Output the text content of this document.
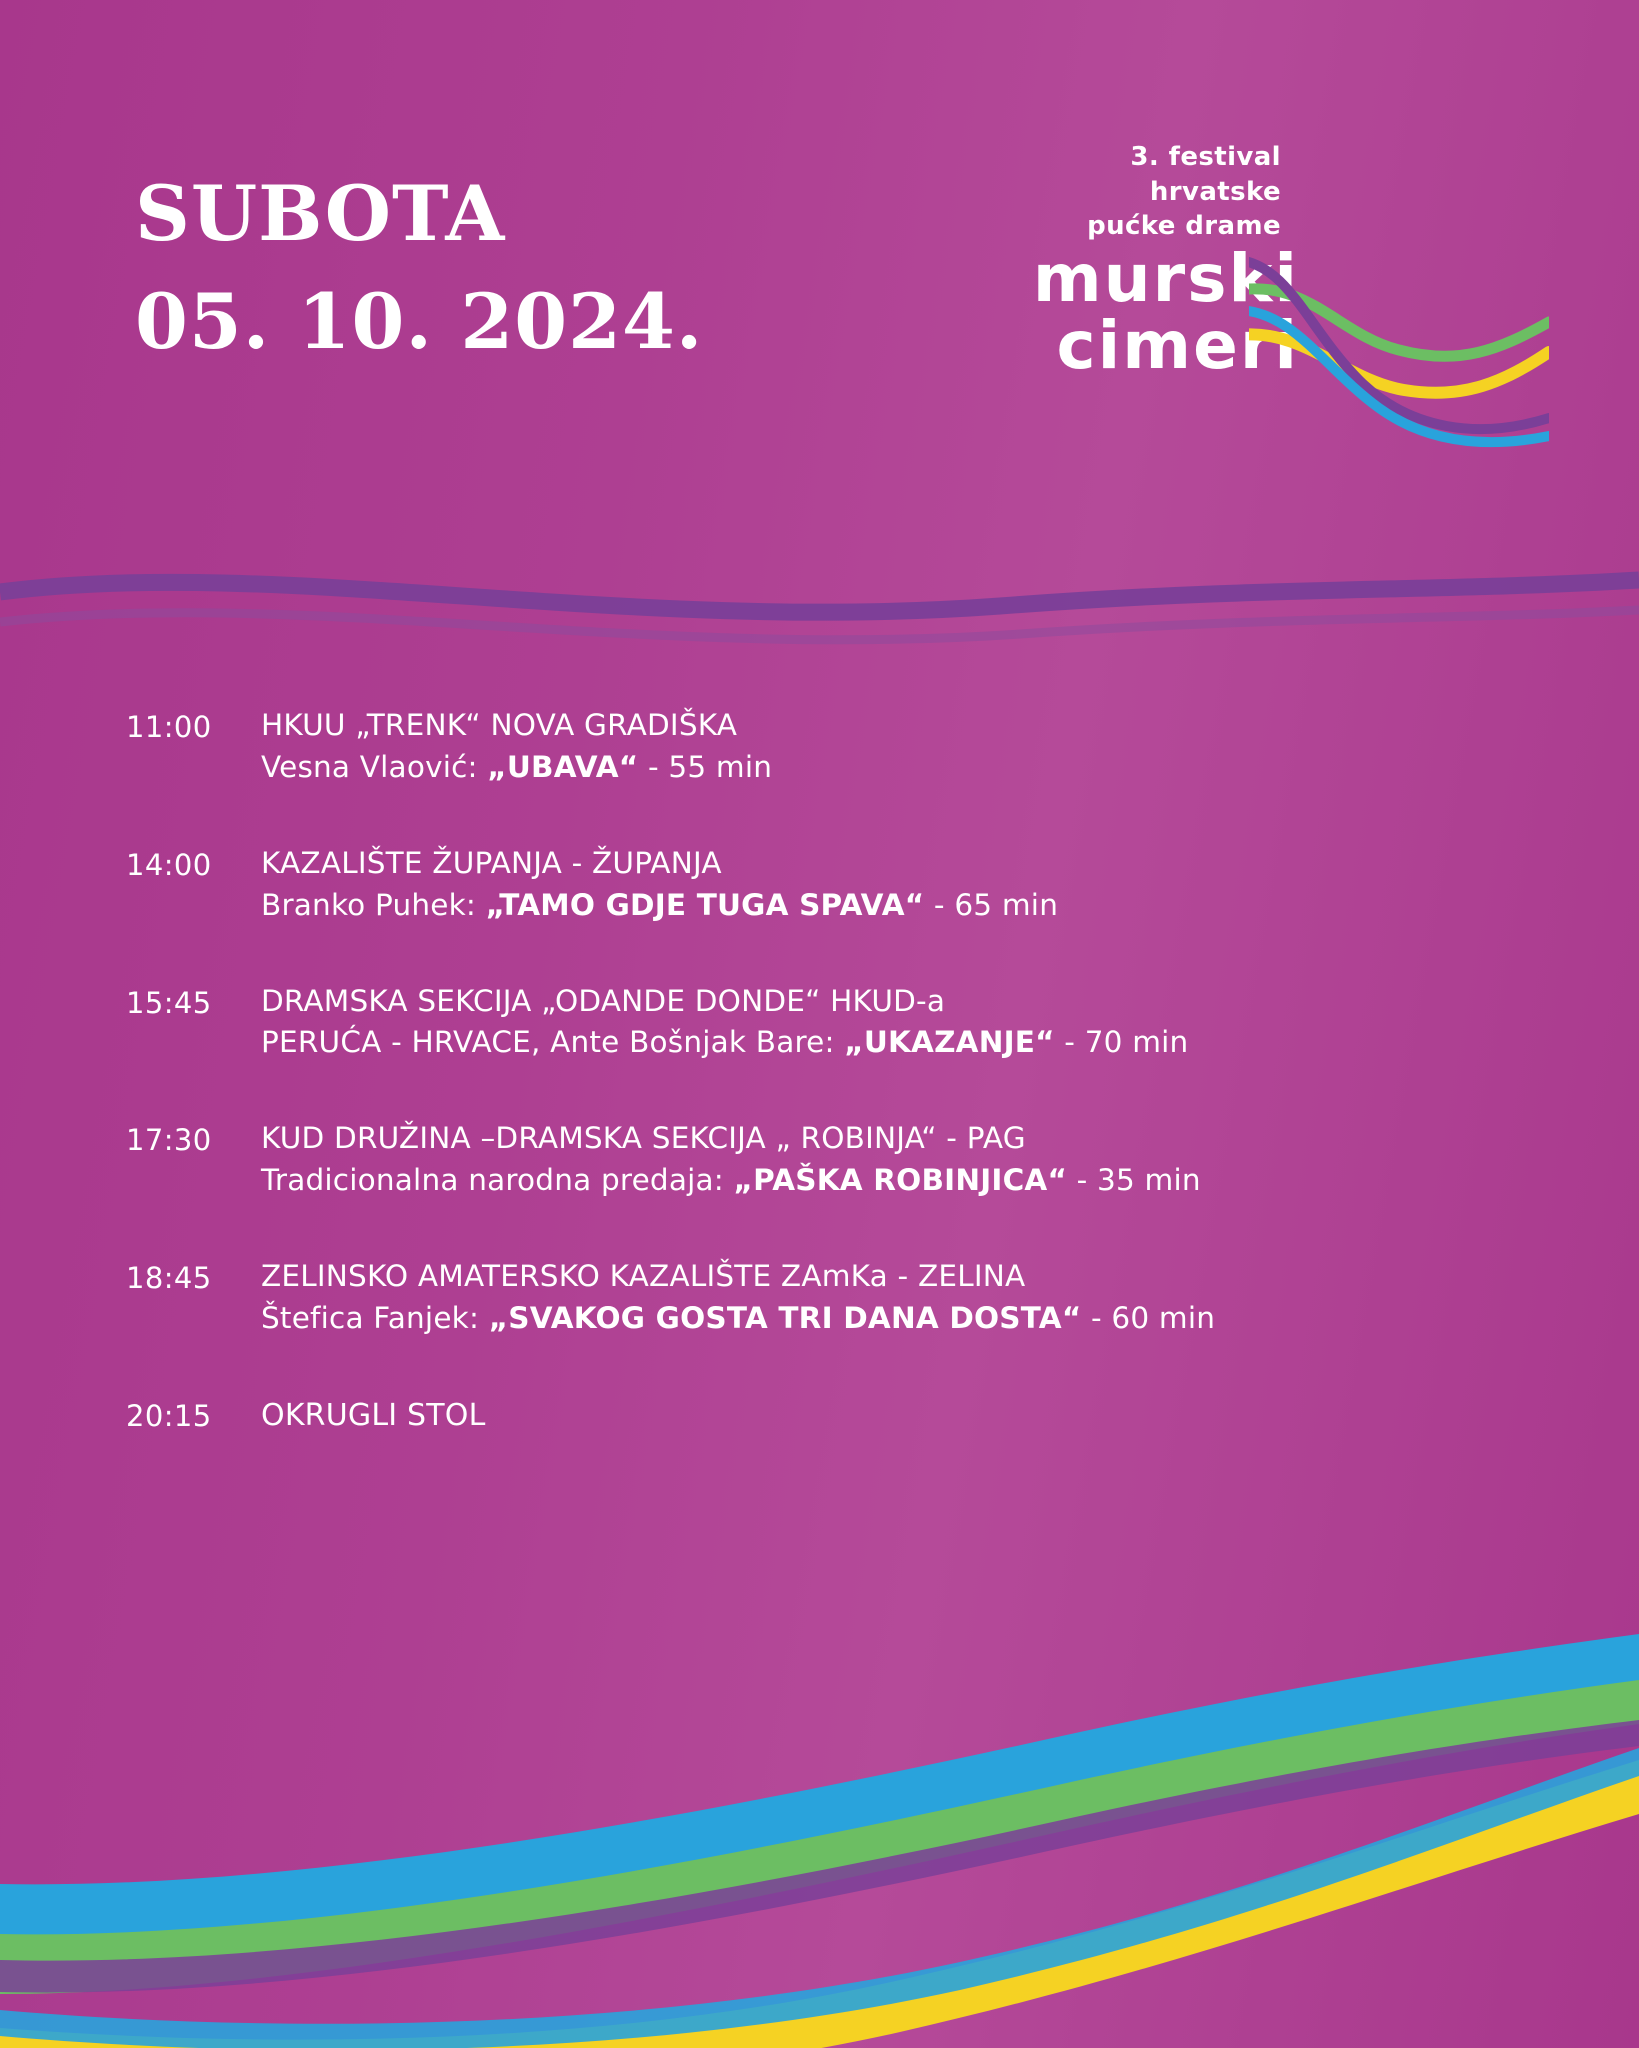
SUBOTA
05. 10. 2024.
3. festival
hrvatske
pućke drame
murski
cimeri
11:00	HKUU „TRENK“ NOVA GRADIŠKA
Vesna Vlaović: „UBAVA“ - 55 min
14:00	KAZALIŠTE ŽUPANJA - ŽUPANJA
Branko Puhek: „TAMO GDJE TUGA SPAVA“ - 65 min
15:45	DRAMSKA SEKCIJA „ODANDE DONDE“ HKUD-a
PERUĆA - HRVACE, Ante Bošnjak Bare: „UKAZANJE“ - 70 min
17:30	KUD DRUŽINA –DRAMSKA SEKCIJA „ ROBINJA“ - PAG
Tradicionalna narodna predaja: „PAŠKA ROBINJICA“ - 35 min
18:45	ZELINSKO AMATERSKO KAZALIŠTE ZAmKa - ZELINA
Štefica Fanjek: „SVAKOG GOSTA TRI DANA DOSTA“ - 60 min
20:15	OKRUGLI STOL
